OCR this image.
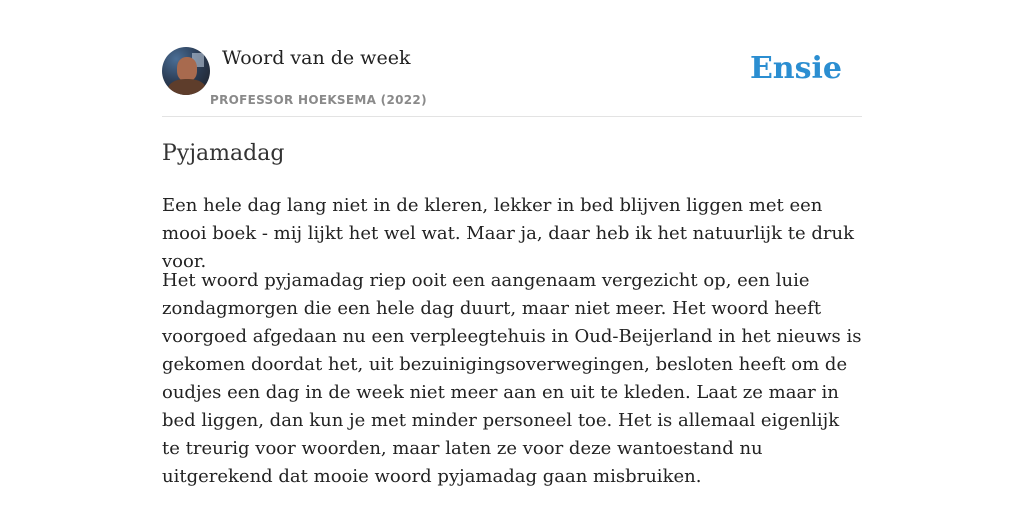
Woord van de week
PROFESSOR HOEKSEMA (2022)
Ensie
Pyjamadag
Een hele dag lang niet in de kleren, lekker in bed blijven liggen met een mooi boek - mij lijkt het wel wat. Maar ja, daar heb ik het natuurlijk te druk voor.
Het woord pyjamadag riep ooit een aangenaam vergezicht op, een luie zondagmorgen die een hele dag duurt, maar niet meer. Het woord heeft voorgoed afgedaan nu een verpleegtehuis in Oud-Beijerland in het nieuws is gekomen doordat het, uit bezuinigingsoverwegingen, besloten heeft om de oudjes een dag in de week niet meer aan en uit te kleden. Laat ze maar in bed liggen, dan kun je met minder personeel toe. Het is allemaal eigenlijk te treurig voor woorden, maar laten ze voor deze wantoestand nu uitgerekend dat mooie woord pyjamadag gaan misbruiken.
